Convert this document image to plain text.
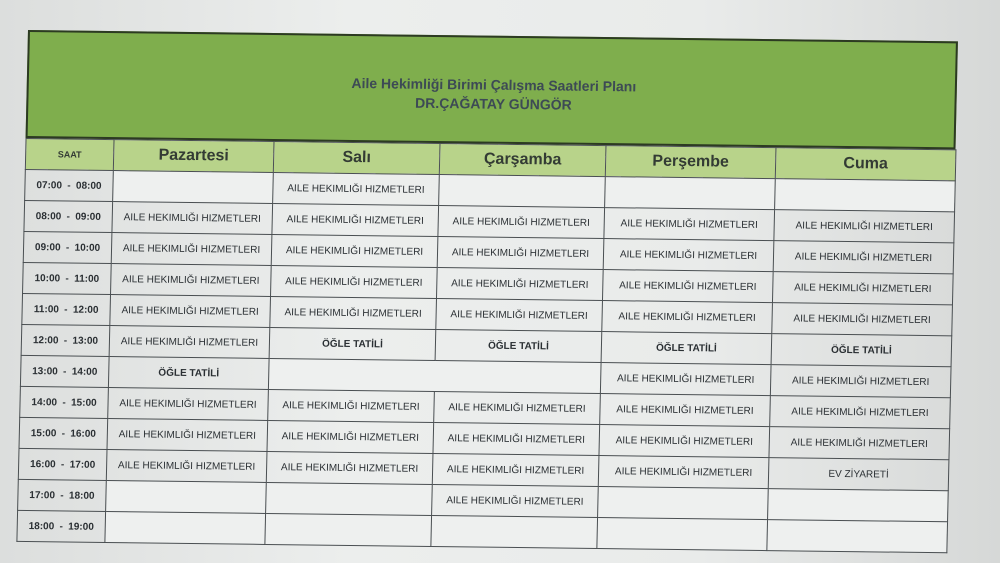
Aile Hekimliği Birimi Çalışma Saatleri Planı
DR.ÇAĞATAY GÜNGÖR
SAAT	Pazartesi	Salı	Çarşamba	Perşembe	Cuma
07:00 - 08:00		AILE HEKIMLIĞI HIZMETLERI			
08:00 - 09:00	AILE HEKIMLIĞI HIZMETLERI	AILE HEKIMLIĞI HIZMETLERI	AILE HEKIMLIĞI HIZMETLERI	AILE HEKIMLIĞI HIZMETLERI	AILE HEKIMLIĞI HIZMETLERI
09:00 - 10:00	AILE HEKIMLIĞI HIZMETLERI	AILE HEKIMLIĞI HIZMETLERI	AILE HEKIMLIĞI HIZMETLERI	AILE HEKIMLIĞI HIZMETLERI	AILE HEKIMLIĞI HIZMETLERI
10:00 - 11:00	AILE HEKIMLIĞI HIZMETLERI	AILE HEKIMLIĞI HIZMETLERI	AILE HEKIMLIĞI HIZMETLERI	AILE HEKIMLIĞI HIZMETLERI	AILE HEKIMLIĞI HIZMETLERI
11:00 - 12:00	AILE HEKIMLIĞI HIZMETLERI	AILE HEKIMLIĞI HIZMETLERI	AILE HEKIMLIĞI HIZMETLERI	AILE HEKIMLIĞI HIZMETLERI	AILE HEKIMLIĞI HIZMETLERI
12:00 - 13:00	AILE HEKIMLIĞI HIZMETLERI	ÖĞLE TATİLİ	ÖĞLE TATİLİ	ÖĞLE TATİLİ	ÖĞLE TATİLİ
13:00 - 14:00	ÖĞLE TATİLİ			AILE HEKIMLIĞI HIZMETLERI	AILE HEKIMLIĞI HIZMETLERI
14:00 - 15:00	AILE HEKIMLIĞI HIZMETLERI	AILE HEKIMLIĞI HIZMETLERI	AILE HEKIMLIĞI HIZMETLERI	AILE HEKIMLIĞI HIZMETLERI	AILE HEKIMLIĞI HIZMETLERI
15:00 - 16:00	AILE HEKIMLIĞI HIZMETLERI	AILE HEKIMLIĞI HIZMETLERI	AILE HEKIMLIĞI HIZMETLERI	AILE HEKIMLIĞI HIZMETLERI	AILE HEKIMLIĞI HIZMETLERI
16:00 - 17:00	AILE HEKIMLIĞI HIZMETLERI	AILE HEKIMLIĞI HIZMETLERI	AILE HEKIMLIĞI HIZMETLERI	AILE HEKIMLIĞI HIZMETLERI	EV ZİYARETİ
17:00 - 18:00			AILE HEKIMLIĞI HIZMETLERI		
18:00 - 19:00					
